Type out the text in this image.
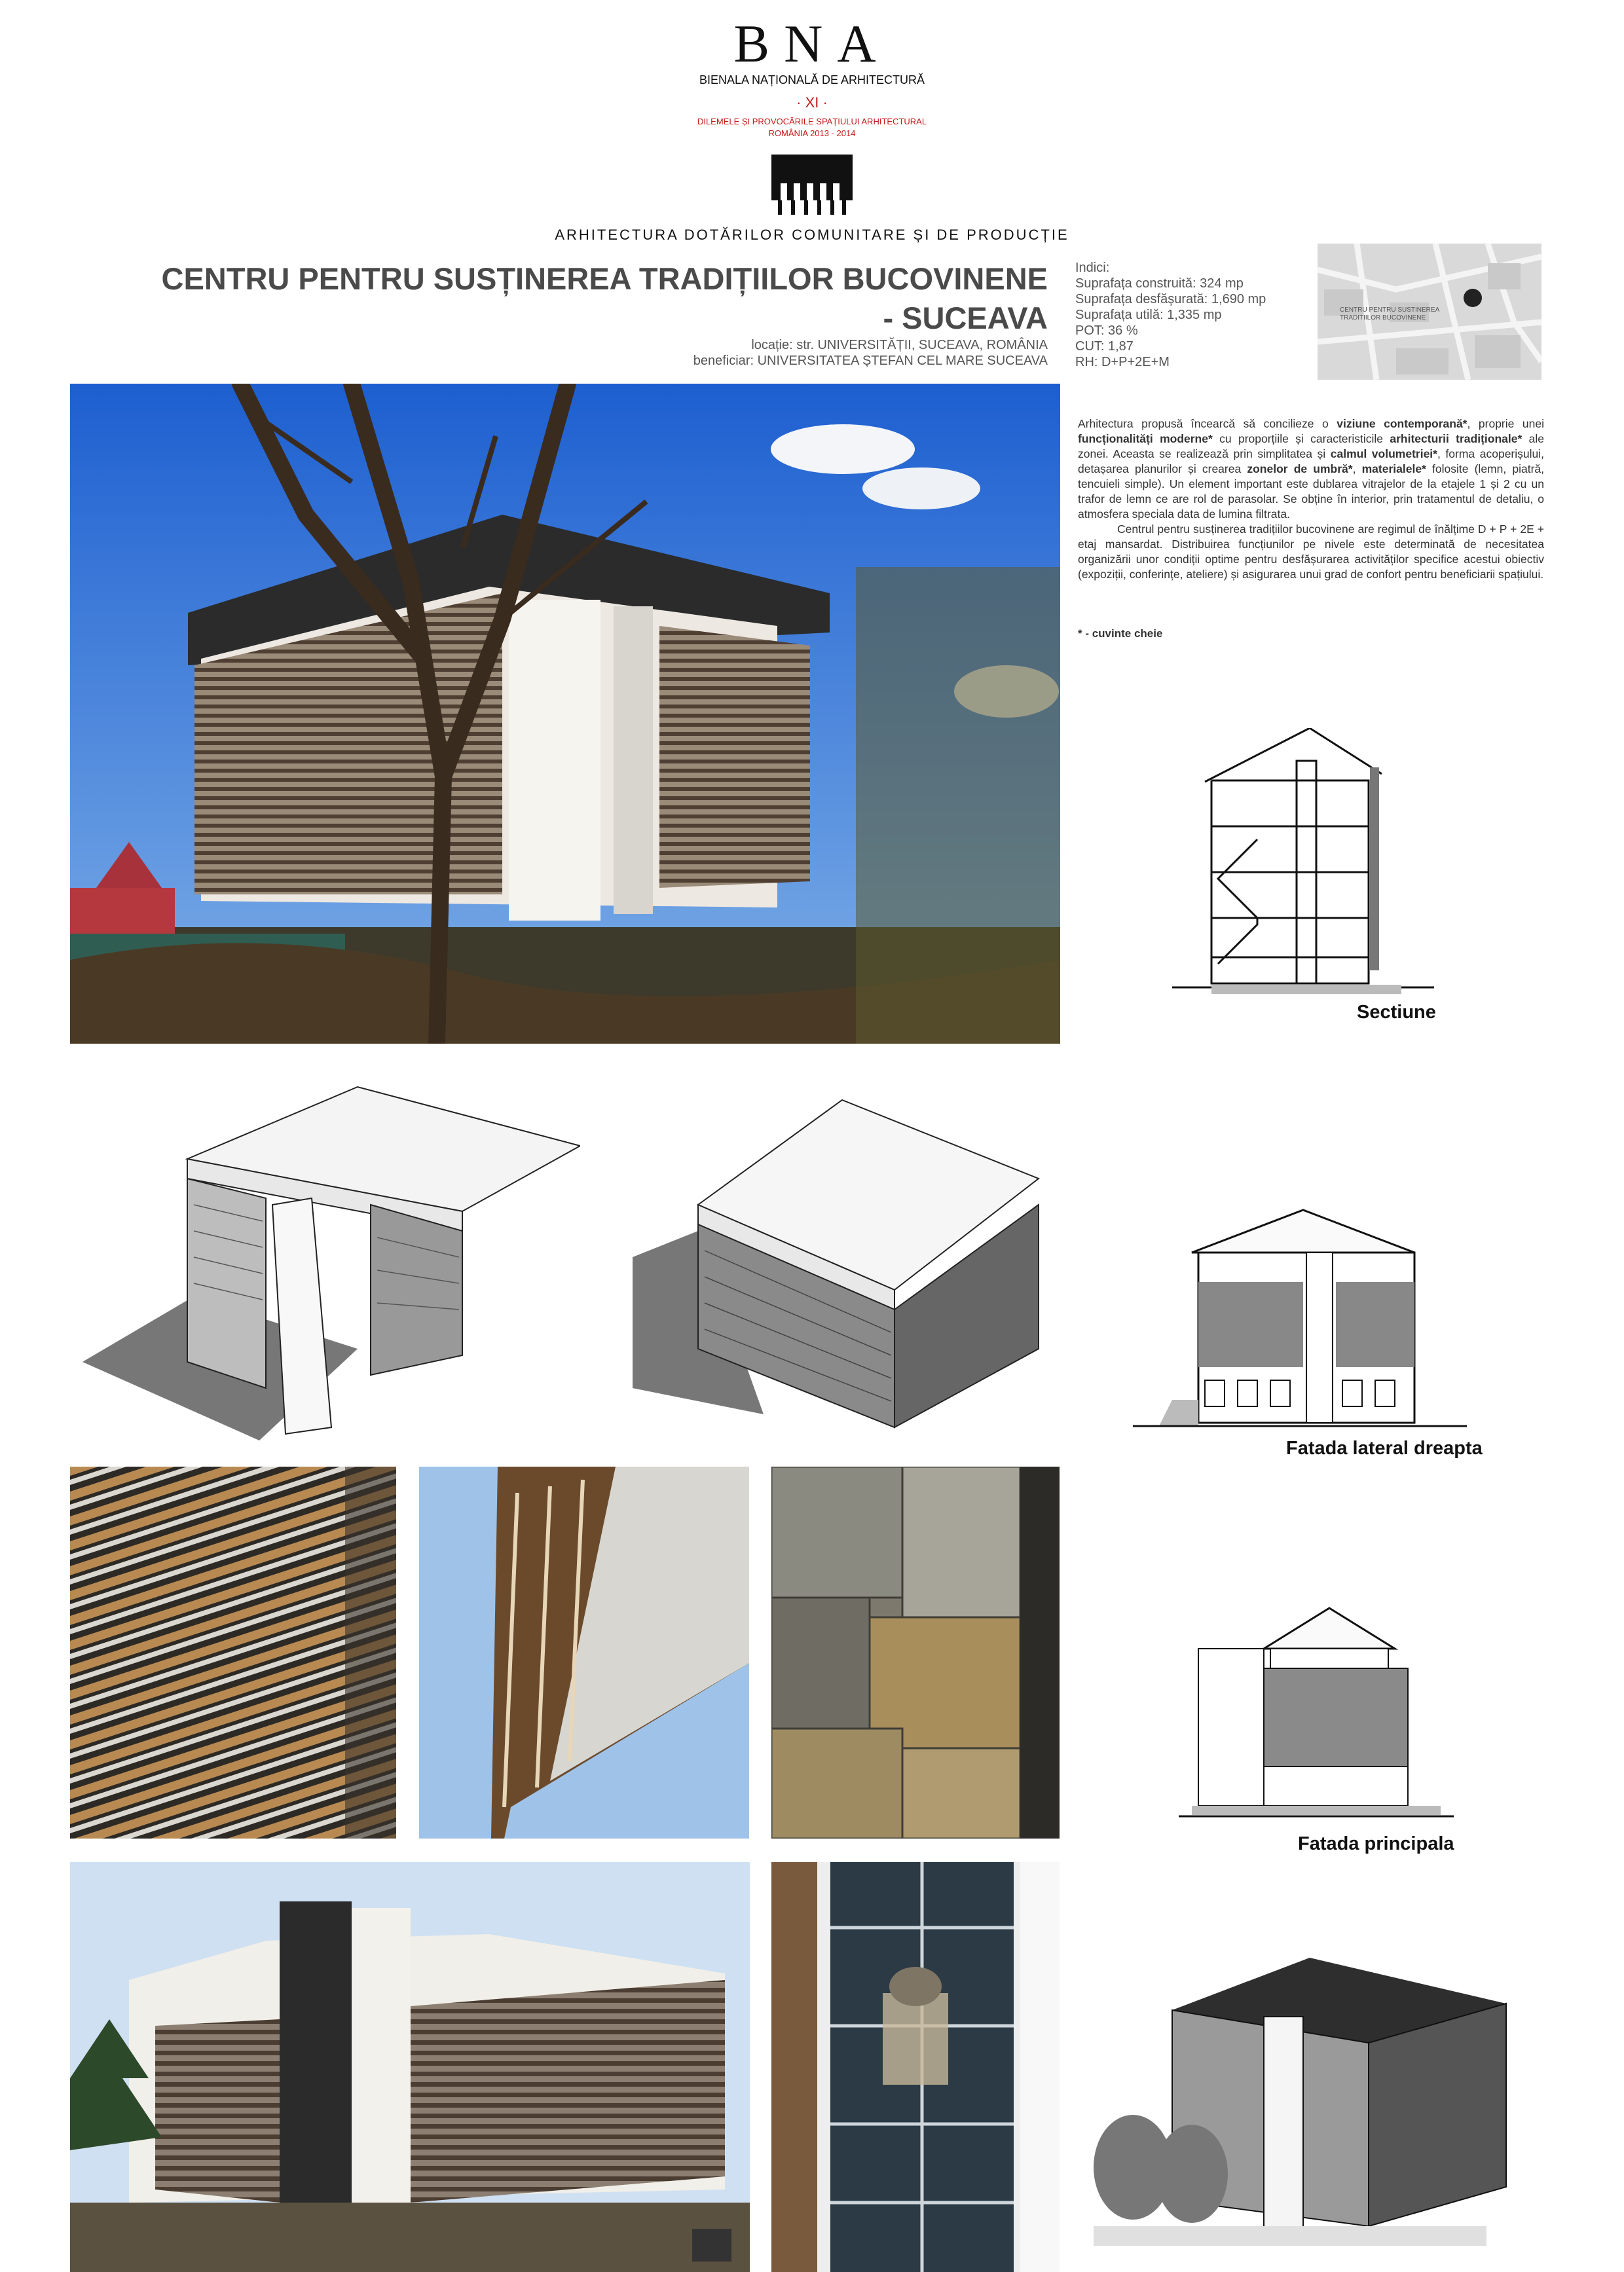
BNA
BIENALA NAȚIONALĂ DE ARHITECTURĂ
· XI ·
DILEMELE ȘI PROVOCĂRILE SPAȚIULUI ARHITECTURAL
ROMÂNIA 2013 - 2014
ARHITECTURA DOTĂRILOR COMUNITARE ȘI DE PRODUCȚIE
CENTRU PENTRU SUSȚINEREA TRADIȚIILOR BUCOVINENE
- SUCEAVA
locație: str. UNIVERSITĂȚII, SUCEAVA, ROMÂNIA
beneficiar: UNIVERSITATEA ȘTEFAN CEL MARE SUCEAVA
Indici:
Suprafața construită: 324 mp
Suprafața desfășurată: 1,690 mp
Suprafața utilă: 1,335 mp
POT: 36 %
CUT: 1,87
RH: D+P+2E+M
CENTRU PENTRU SUSTINEREA
TRADITIILOR BUCOVINENE

Arhitectura propusă încearcă să concilieze o viziune contemporană*, proprie unei funcționalități moderne* cu proporțiile și caracteristicile arhitecturii tradiționale* ale zonei. Aceasta se realizează prin simplitatea și calmul volumetriei*, forma acoperișului, detașarea planurilor și crearea zonelor de umbră*, materialele* folosite (lemn, piatră, tencuieli simple). Un element important este dublarea vitrajelor de la etajele 1 și 2 cu un trafor de lemn ce are rol de parasolar. Se obține în interior, prin tratamentul de detaliu, o atmosfera speciala data de lumina filtrata.

Centrul pentru susținerea tradițiilor bucovinene are regimul de înălțime D + P + 2E + etaj mansardat. Distribuirea funcțiunilor pe nivele este determinată de necesitatea organizării unor condiții optime pentru desfășurarea activităților specifice acestui obiectiv (expoziții, conferințe, ateliere) și asigurarea unui grad de confort pentru beneficiarii spațiului.

* - cuvinte cheie
Sectiune
Fatada lateral dreapta
Fatada principala
